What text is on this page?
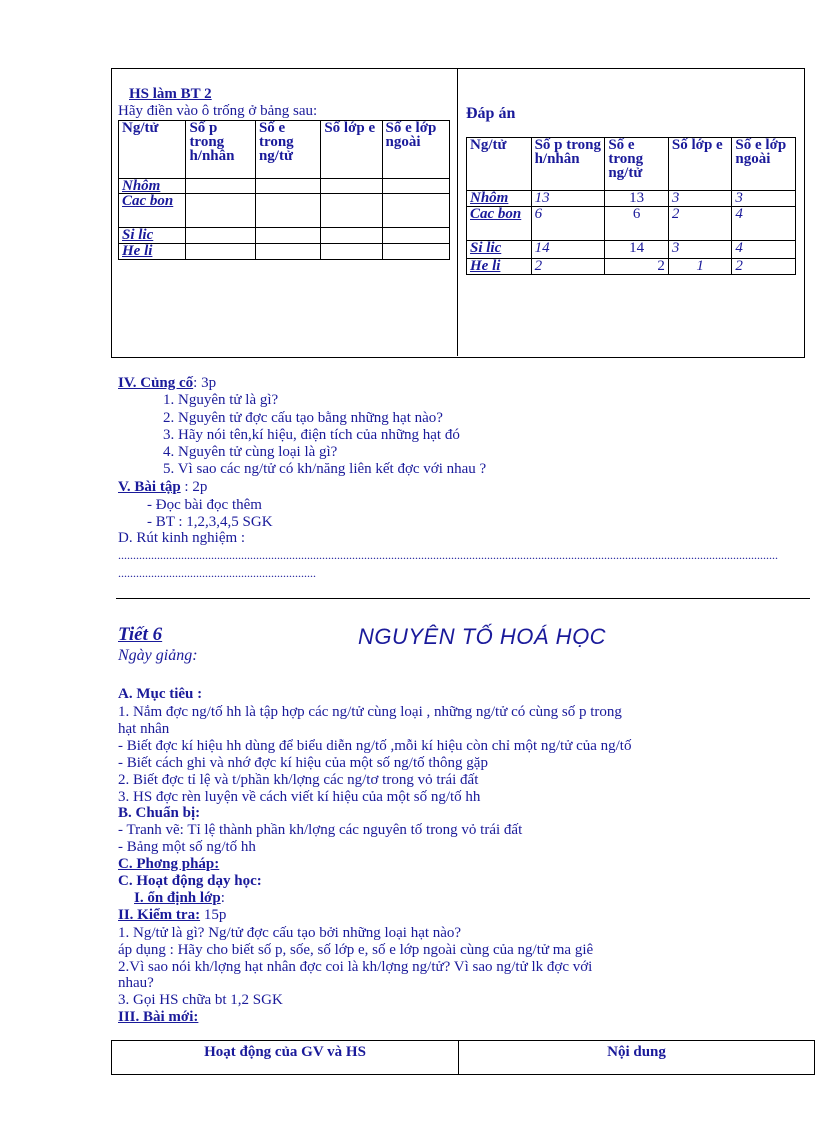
HS làm BT 2
Hãy điền vào ô trống ở bảng sau:
Ng/tử	Số p trong h/nhân	Số e trong ng/tử	Số lớp e	Số e lớp ngoài
Nhôm				
Cac bon				
Si lic				
He li				
Đáp án
Ng/tử	Số p trong h/nhân	Số e trong ng/tử	Số lớp e	Số e lớp ngoài
Nhôm	13	13	3	3
Cac bon	6	6	2	4
Si lic	14	14	3	4
He li	2	2	1	2
IV. Củng cố: 3p
1. Nguyên tử là gì?
2. Nguyên tử đợc cấu tạo bằng những hạt nào?
3. Hãy nói tên,kí hiệu, điện tích của những hạt đó
4. Nguyên tử cùng loại là gì?
5. Vì sao các ng/tử có kh/năng liên kết đợc với nhau ?
V. Bài tập : 2p
- Đọc bài đọc thêm
- BT : 1,2,3,4,5 SGK
D. Rút kinh nghiệm :
............................................................................................................................................................................................................................
..................................................................
Tiết 6	NGUYÊN TỐ HOÁ HỌC
Ngày giảng:
A. Mục tiêu :
1. Nắm đợc ng/tố hh là tập hợp các ng/tử cùng loại , những ng/tử có cùng số p trong
hạt nhân
- Biết đợc kí hiệu hh dùng để biểu diễn ng/tố ,mỗi kí hiệu còn chỉ một ng/tử của ng/tố
- Biết cách ghi và nhớ đợc kí hiệu của một số ng/tố thông gặp
2. Biết đợc tỉ lệ và t/phần kh/lợng các ng/tơ trong vỏ trái đất
3. HS đợc rèn luyện về cách viết kí hiệu của một số ng/tố hh
B. Chuẩn bị:
- Tranh vẽ: Tỉ lệ thành phần kh/lợng các nguyên tố trong vỏ trái đất
- Bảng một số ng/tố hh
C. Phơng pháp:
C. Hoạt động dạy học:
I. ổn định lớp:
II. Kiểm tra: 15p
1. Ng/tử là gì? Ng/tử đợc cấu tạo bởi những loại hạt nào?
áp dụng : Hãy cho biết số p, sốe, số lớp e, số e lớp ngoài cùng của ng/tử ma giê
2.Vì sao nói kh/lợng hạt nhân đợc coi là kh/lợng ng/tử? Vì sao ng/tử lk đợc với
nhau?
3. Gọi HS chữa bt 1,2 SGK
III. Bài mới:
Hoạt động của GV và HS	Nội dung
